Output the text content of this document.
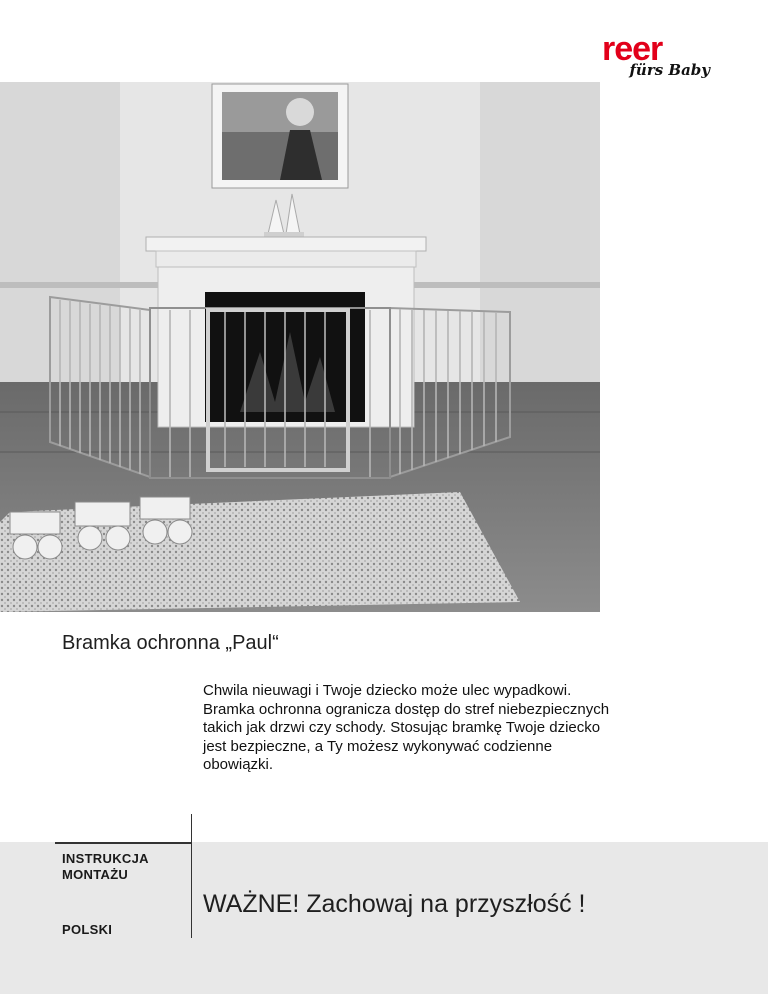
reer
fürs Baby
Bramka ochronna „Paul“
Chwila nieuwagi i Twoje dziecko może ulec wypadkowi.
Bramka ochronna ogranicza dostęp do stref niebezpiecznych
takich jak drzwi czy schody. Stosując bramkę Twoje dziecko
jest bezpieczne, a Ty możesz wykonywać codzienne
obowiązki.
INSTRUKCJA
MONTAŻU
POLSKI
WAŻNE! Zachowaj na przyszłość !
